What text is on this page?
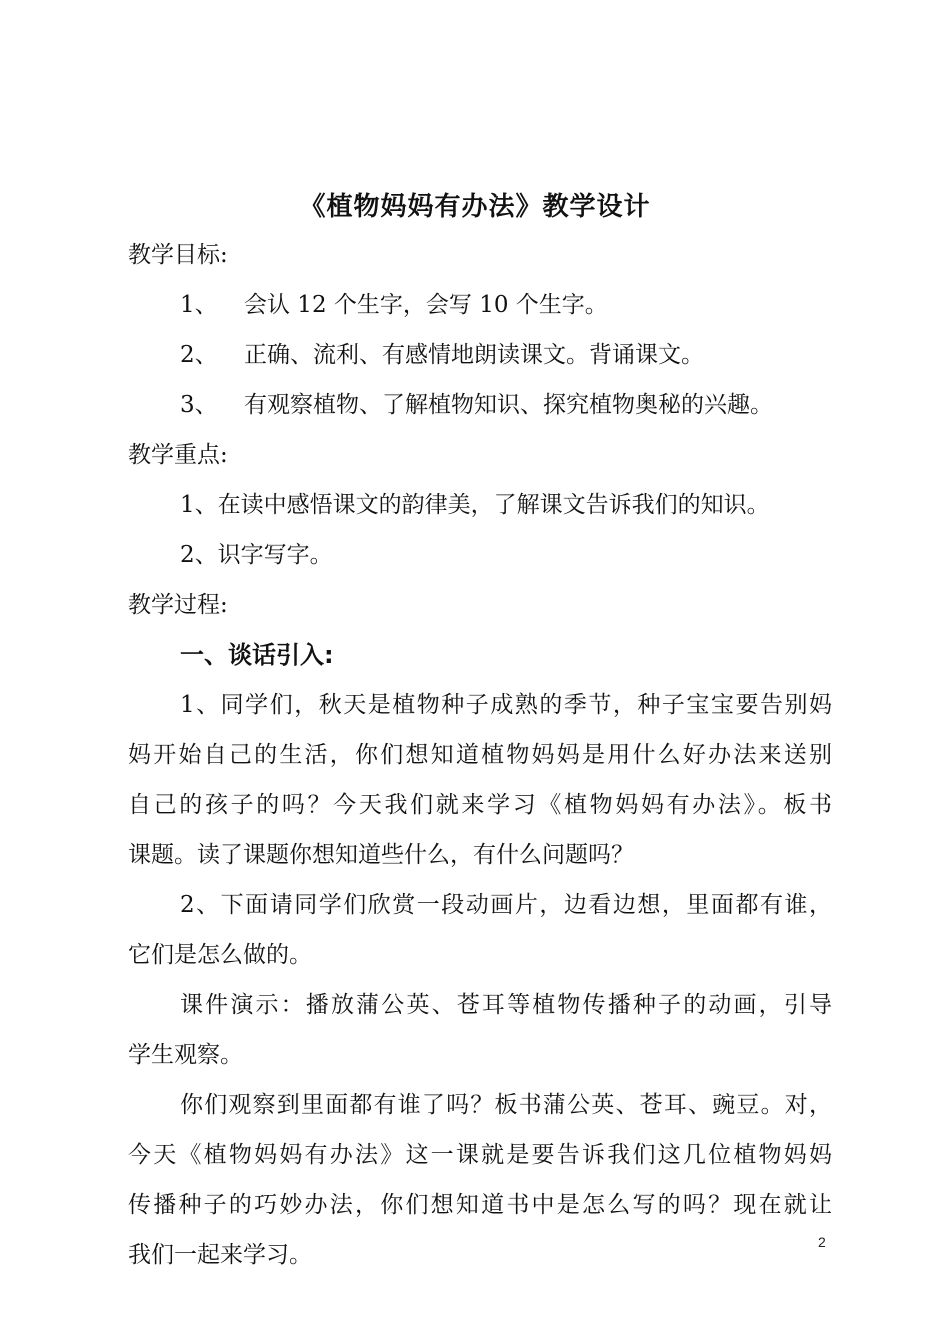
《植物妈妈有办法》教学设计

教学目标:

1、 会认 12 个生字，会写 10 个生字。

2、 正确、流利、有感情地朗读课文。背诵课文。

3、 有观察植物、了解植物知识、探究植物奥秘的兴趣。

教学重点:

1、在读中感悟课文的韵律美，了解课文告诉我们的知识。

2、识字写字。

教学过程:

一、谈话引入:

1、同学们，秋天是植物种子成熟的季节，种子宝宝要告别妈

妈开始自己的生活，你们想知道植物妈妈是用什么好办法来送别

自己的孩子的吗？今天我们就来学习《植物妈妈有办法》。板书

课题。读了课题你想知道些什么，有什么问题吗？

2、下面请同学们欣赏一段动画片，边看边想，里面都有谁，

它们是怎么做的。

课件演示：播放蒲公英、苍耳等植物传播种子的动画，引导

学生观察。

你们观察到里面都有谁了吗？板书蒲公英、苍耳、豌豆。对，

今天《植物妈妈有办法》这一课就是要告诉我们这几位植物妈妈

传播种子的巧妙办法，你们想知道书中是怎么写的吗？现在就让

我们一起来学习。	2
